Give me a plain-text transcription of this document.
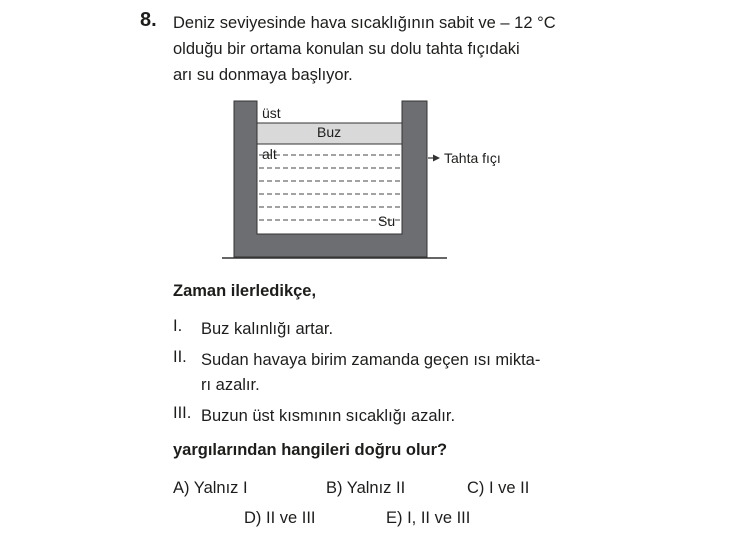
8. Deniz seviyesinde hava sıcaklığının sabit ve – 12 °C
olduğu bir ortama konulan su dolu tahta fıçıdaki
arı su donmaya başlıyor.
üst
Buz
alt
Su
Tahta fıçı
Zaman ilerledikçe,
I. Buz kalınlığı artar.
II. Sudan havaya birim zamanda geçen ısı mikta-
rı azalır.
III. Buzun üst kısmının sıcaklığı azalır.
yargılarından hangileri doğru olur?
A) Yalnız I	B) Yalnız II	C) I ve II
D) II ve III	E) I, II ve III
